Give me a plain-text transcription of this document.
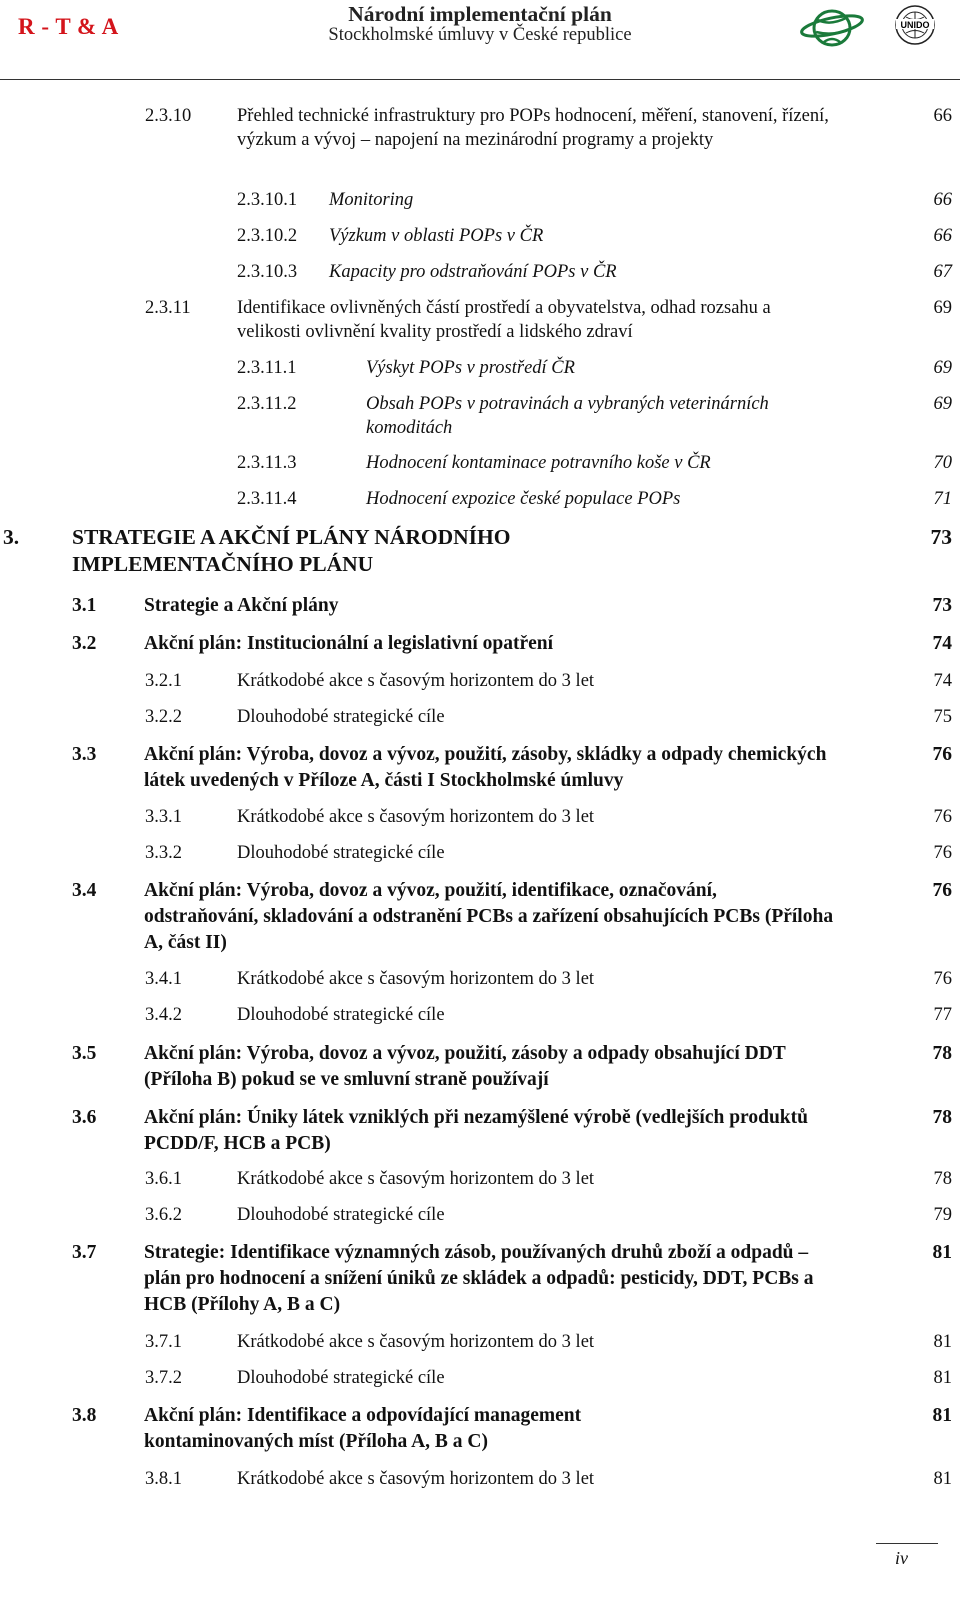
R - T & A	Národní implementační plán
Stockholmské úmluvy v České republice	UNIDO
2.3.10 Přehled technické infrastruktury pro POPs hodnocení, měření, stanovení, řízení, výzkum a vývoj – napojení na mezinárodní programy a projekty
66
2.3.10.1 Monitoring	66
2.3.10.2 Výzkum v oblasti POPs v ČR	66
2.3.10.3 Kapacity pro odstraňování POPs v ČR	67
2.3.11	Identifikace ovlivněných částí prostředí a obyvatelstva, odhad rozsahu a velikosti ovlivnění kvality prostředí a lidského zdraví
69
2.3.11.1	Výskyt POPs v prostředí ČR	69
2.3.11.2	Obsah POPs v potravinách a vybraných veterinárních komoditách
69
2.3.11.3	Hodnocení kontaminace potravního koše v ČR	70
2.3.11.4	Hodnocení expozice české populace POPs	71
3. STRATEGIE A AKČNÍ PLÁNY NÁRODNÍHO IMPLEMENTAČNÍHO PLÁNU
73
3.1 Strategie a Akční plány	73
3.2 Akční plán: Institucionální a legislativní opatření	74
3.2.1	Krátkodobé akce s časovým horizontem do 3 let	74
3.2.2	Dlouhodobé strategické cíle	75
3.3 Akční plán: Výroba, dovoz a vývoz, použití, zásoby, skládky a odpady chemických látek uvedených v Příloze A, části I Stockholmské úmluvy
76
3.3.1	Krátkodobé akce s časovým horizontem do 3 let	76
3.3.2	Dlouhodobé strategické cíle	76
3.4 Akční plán: Výroba, dovoz a vývoz, použití, identifikace, označování, odstraňování, skladování a odstranění PCBs a zařízení obsahujících PCBs (Příloha A, část II)
76
3.4.1	Krátkodobé akce s časovým horizontem do 3 let	76
3.4.2	Dlouhodobé strategické cíle	77
3.5 Akční plán: Výroba, dovoz a vývoz, použití, zásoby a odpady obsahující DDT (Příloha B) pokud se ve smluvní straně používají
78
3.6 Akční plán: Úniky látek vzniklých při nezamýšlené výrobě (vedlejších produktů PCDD/F, HCB a PCB)
78
3.6.1	Krátkodobé akce s časovým horizontem do 3 let	78
3.6.2	Dlouhodobé strategické cíle	79
3.7 Strategie: Identifikace významných zásob, používaných druhů zboží a odpadů – plán pro hodnocení a snížení úniků ze skládek a odpadů: pesticidy, DDT, PCBs a HCB (Přílohy A, B a C)
81
3.7.1	Krátkodobé akce s časovým horizontem do 3 let	81
3.7.2	Dlouhodobé strategické cíle	81
3.8 Akční plán: Identifikace a odpovídající management kontaminovaných míst (Příloha A, B a C)
81
3.8.1	Krátkodobé akce s časovým horizontem do 3 let	81
iv
